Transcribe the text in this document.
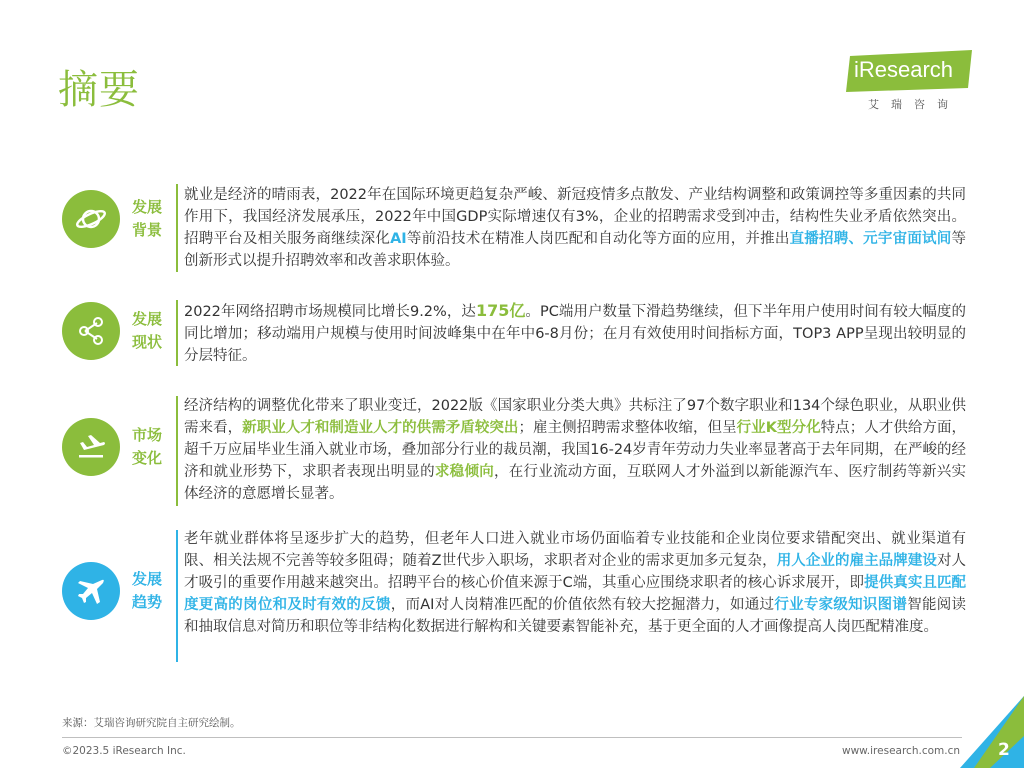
摘要	iResearch
艾瑞咨询
发展
背景
就业是经济的晴雨表，2022年在国际环境更趋复杂严峻、新冠疫情多点散发、产业结构调整和政策调控等多重因素的共同作用下，我国经济发展承压，2022年中国GDP实际增速仅有3%，企业的招聘需求受到冲击，结构性失业矛盾依然突出。招聘平台及相关服务商继续深化AI等前沿技术在精准人岗匹配和自动化等方面的应用，并推出直播招聘、元宇宙面试间等创新形式以提升招聘效率和改善求职体验。
发展
现状
2022年网络招聘市场规模同比增长9.2%，达175亿。PC端用户数量下滑趋势继续，但下半年用户使用时间有较大幅度的同比增加；移动端用户规模与使用时间波峰集中在年中6-8月份；在月有效使用时间指标方面，TOP3 APP呈现出较明显的分层特征。
市场
变化
经济结构的调整优化带来了职业变迁，2022版《国家职业分类大典》共标注了97个数字职业和134个绿色职业，从职业供需来看，新职业人才和制造业人才的供需矛盾较突出；雇主侧招聘需求整体收缩，但呈行业K型分化特点；人才供给方面，超千万应届毕业生涌入就业市场，叠加部分行业的裁员潮，我国16-24岁青年劳动力失业率显著高于去年同期，在严峻的经济和就业形势下，求职者表现出明显的求稳倾向，在行业流动方面，互联网人才外溢到以新能源汽车、医疗制药等新兴实体经济的意愿增长显著。
发展
趋势
老年就业群体将呈逐步扩大的趋势，但老年人口进入就业市场仍面临着专业技能和企业岗位要求错配突出、就业渠道有限、相关法规不完善等较多阻碍；随着Z世代步入职场，求职者对企业的需求更加多元复杂，用人企业的雇主品牌建设对人才吸引的重要作用越来越突出。招聘平台的核心价值来源于C端，其重心应围绕求职者的核心诉求展开，即提供真实且匹配度更高的岗位和及时有效的反馈，而AI对人岗精准匹配的价值依然有较大挖掘潜力，如通过行业专家级知识图谱智能阅读和抽取信息对简历和职位等非结构化数据进行解构和关键要素智能补充，基于更全面的人才画像提高人岗匹配精准度。
来源：艾瑞咨询研究院自主研究绘制。
©2023.5 iResearch Inc.	www.iresearch.com.cn 2
